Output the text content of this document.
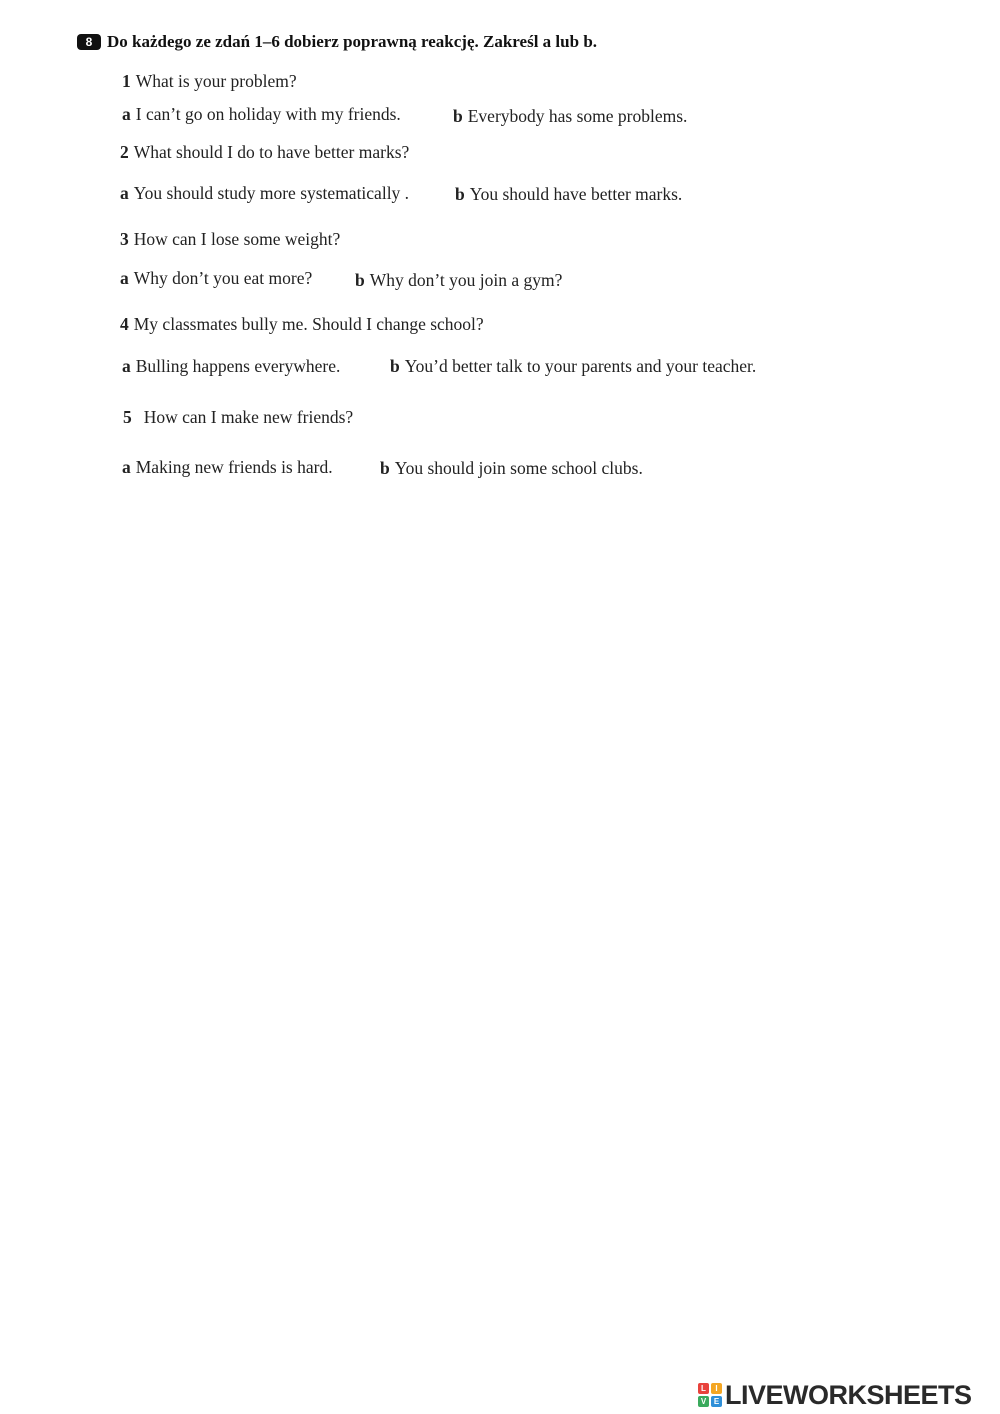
8 Do każdego ze zdań 1–6 dobierz poprawną reakcję. Zakreśl a lub b.
1 What is your problem?
a I can’t go on holiday with my friends.	b Everybody has some problems.
2 What should I do to have better marks?
a You should study more systematically .	b You should have better marks.
3 How can I lose some weight?
a Why don’t you eat more? b Why don’t you join a gym?
4 My classmates bully me. Should I change school?
a Bulling happens everywhere.	b You’d better talk to your parents and your teacher.
5 How can I make new friends?
a Making new friends is hard.	b You should join some school clubs.
L	I
V E LIVEWORKSHEETS
